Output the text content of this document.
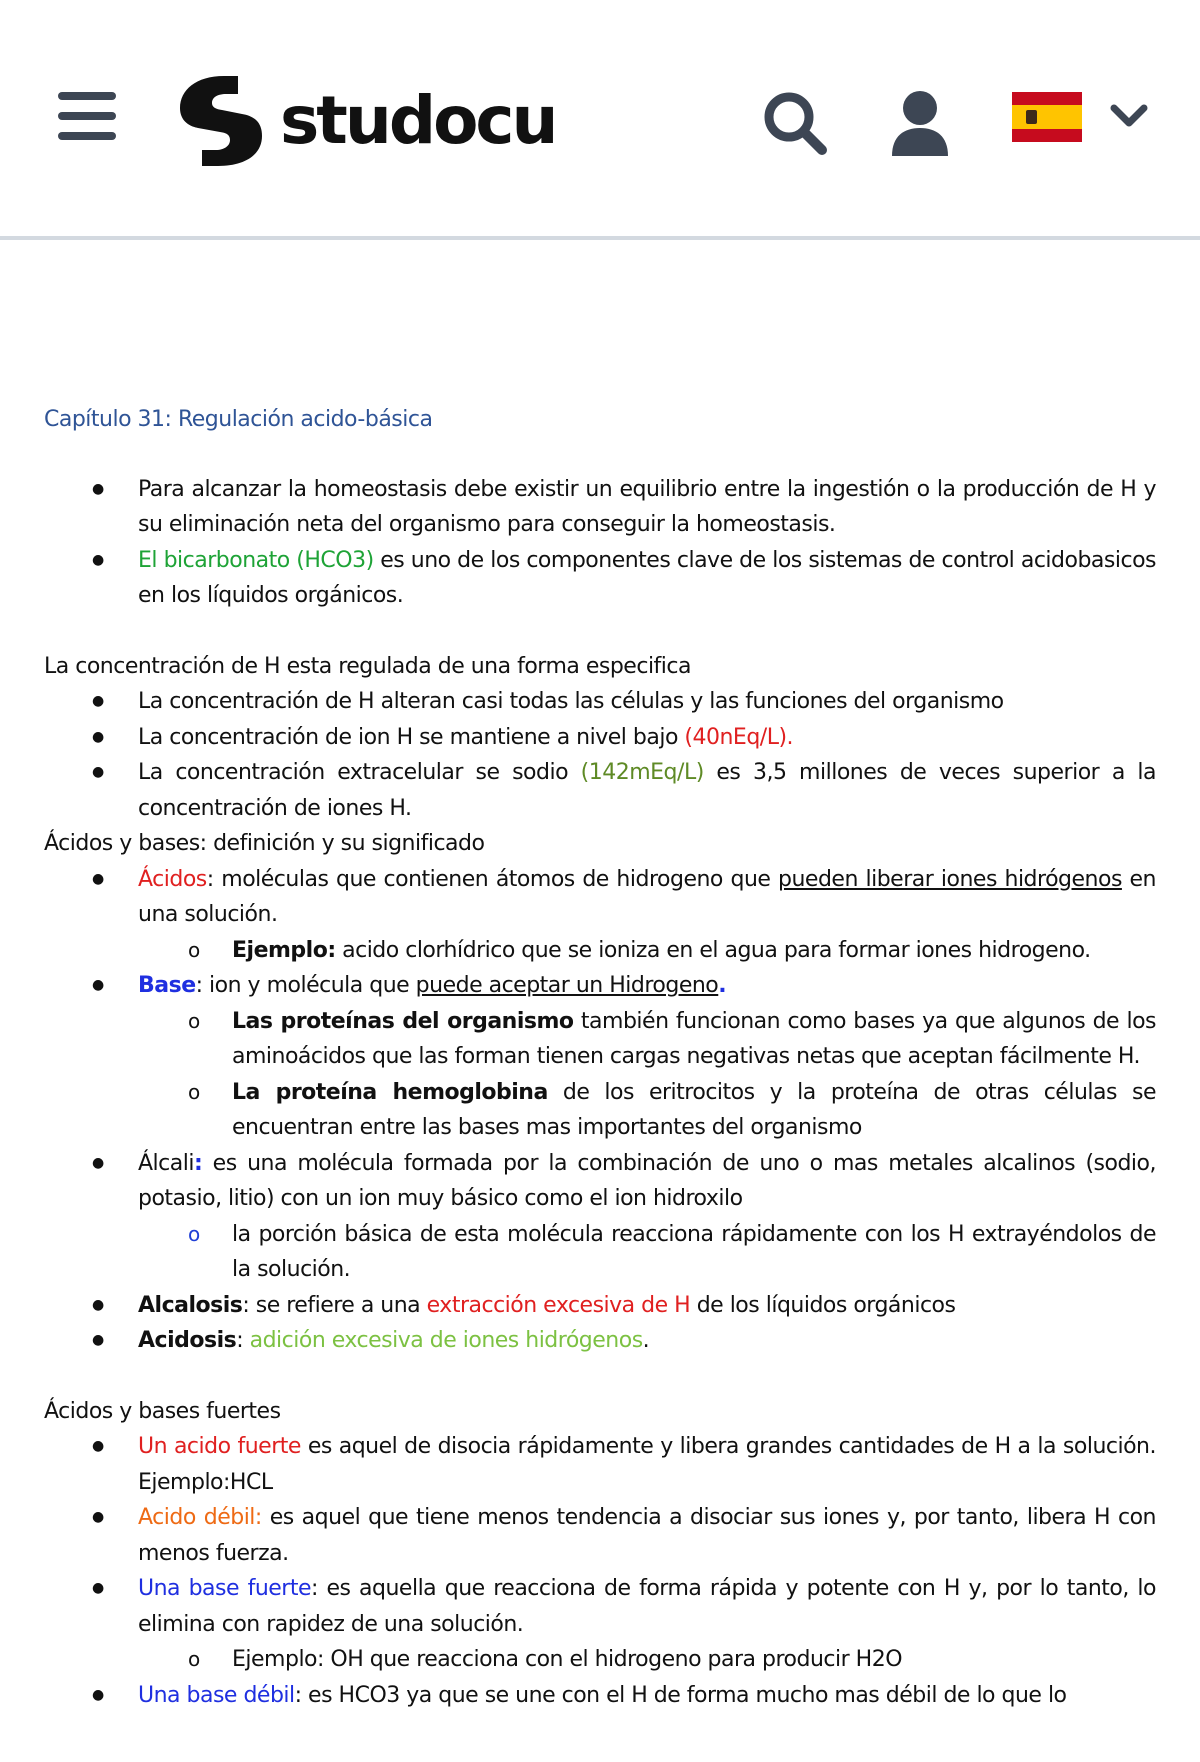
studocu

Capítulo 31: Regulación acido-básica

● Para alcanzar la homeostasis debe existir un equilibrio entre la ingestión o la producción de H y su eliminación neta del organismo para conseguir la homeostasis.
● El bicarbonato (HCO3) es uno de los componentes clave de los sistemas de control acidobasicos en los líquidos orgánicos.

La concentración de H esta regulada de una forma especifica

● La concentración de H alteran casi todas las células y las funciones del organismo
● La concentración de ion H se mantiene a nivel bajo (40nEq/L).
● La concentración extracelular se sodio (142mEq/L) es 3,5 millones de veces superior a la concentración de iones H.

Ácidos y bases: definición y su significado

● Ácidos: moléculas que contienen átomos de hidrogeno que pueden liberar iones hidrógenos en una solución.
o Ejemplo: acido clorhídrico que se ioniza en el agua para formar iones hidrogeno.
● Base: ion y molécula que puede aceptar un Hidrogeno.
o Las proteínas del organismo también funcionan como bases ya que algunos de los aminoácidos que las forman tienen cargas negativas netas que aceptan fácilmente H.
o La proteína hemoglobina de los eritrocitos y la proteína de otras células se encuentran entre las bases mas importantes del organismo
● Álcali: es una molécula formada por la combinación de uno o mas metales alcalinos (sodio, potasio, litio) con un ion muy básico como el ion hidroxilo
o la porción básica de esta molécula reacciona rápidamente con los H extrayéndolos de la solución.
● Alcalosis: se refiere a una extracción excesiva de H de los líquidos orgánicos
● Acidosis: adición excesiva de iones hidrógenos.

Ácidos y bases fuertes

● Un acido fuerte es aquel de disocia rápidamente y libera grandes cantidades de H a la solución. Ejemplo:HCL
● Acido débil: es aquel que tiene menos tendencia a disociar sus iones y, por tanto, libera H con menos fuerza.
● Una base fuerte: es aquella que reacciona de forma rápida y potente con H y, por lo tanto, lo elimina con rapidez de una solución.
o Ejemplo: OH que reacciona con el hidrogeno para producir H2O
● Una base débil: es HCO3 ya que se une con el H de forma mucho mas débil de lo que lo
